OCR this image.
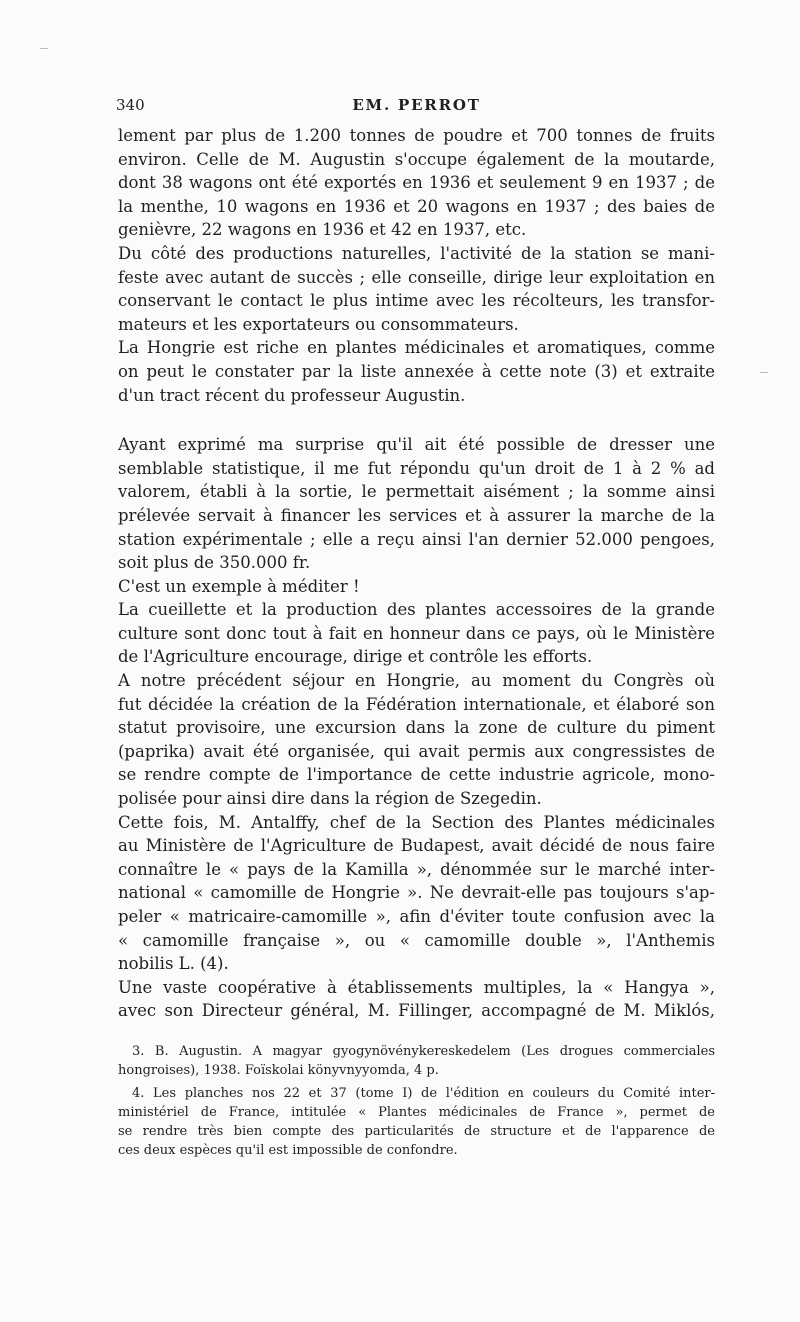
340	EM. PERROT

lement par plus de 1.200 tonnes de poudre et 700 tonnes de fruits
environ. Celle de M. Augustin s'occupe également de la moutarde,
dont 38 wagons ont été exportés en 1936 et seulement 9 en 1937 ; de
la menthe, 10 wagons en 1936 et 20 wagons en 1937 ; des baies de
genièvre, 22 wagons en 1936 et 42 en 1937, etc.

Du côté des productions naturelles, l'activité de la station se mani-
feste avec autant de succès ; elle conseille, dirige leur exploitation en
conservant le contact le plus intime avec les récolteurs, les transfor-
mateurs et les exportateurs ou consommateurs.

La Hongrie est riche en plantes médicinales et aromatiques, comme
on peut le constater par la liste annexée à cette note (3) et extraite
d'un tract récent du professeur Augustin.

Ayant exprimé ma surprise qu'il ait été possible de dresser une
semblable statistique, il me fut répondu qu'un droit de 1 à 2 % ad
valorem, établi à la sortie, le permettait aisément ; la somme ainsi
prélevée servait à financer les services et à assurer la marche de la
station expérimentale ; elle a reçu ainsi l'an dernier 52.000 pengoes,
soit plus de 350.000 fr.

C'est un exemple à méditer !

La cueillette et la production des plantes accessoires de la grande
culture sont donc tout à fait en honneur dans ce pays, où le Ministère
de l'Agriculture encourage, dirige et contrôle les efforts.

A notre précédent séjour en Hongrie, au moment du Congrès où
fut décidée la création de la Fédération internationale, et élaboré son
statut provisoire, une excursion dans la zone de culture du piment
(paprika) avait été organisée, qui avait permis aux congressistes de
se rendre compte de l'importance de cette industrie agricole, mono-
polisée pour ainsi dire dans la région de Szegedin.

Cette fois, M. Antalffy, chef de la Section des Plantes médicinales
au Ministère de l'Agriculture de Budapest, avait décidé de nous faire
connaître le « pays de la Kamilla », dénommée sur le marché inter-
national « camomille de Hongrie ». Ne devrait-elle pas toujours s'ap-
peler « matricaire-camomille », afin d'éviter toute confusion avec la
« camomille française », ou « camomille double », l'Anthemis
nobilis L. (4).

Une vaste coopérative à établissements multiples, la « Hangya »,
avec son Directeur général, M. Fillinger, accompagné de M. Miklós,

3. B. Augustin. A magyar gyogynövénykereskedelem (Les drogues commerciales
hongroises), 1938. Foïskolai könyvnyyomda, 4 p.

4. Les planches nos 22 et 37 (tome I) de l'édition en couleurs du Comité inter-
ministériel de France, intitulée « Plantes médicinales de France », permet de
se rendre très bien compte des particularités de structure et de l'apparence de
ces deux espèces qu'il est impossible de confondre.
